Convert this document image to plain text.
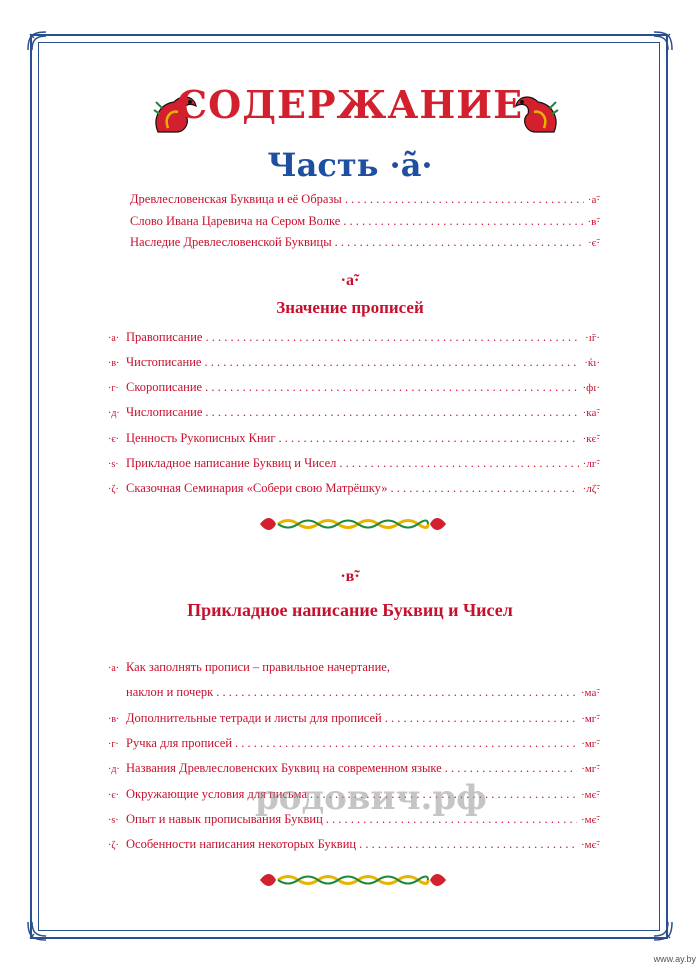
СОДЕРЖАНИЕ
Часть ·а̃·
Древлесловенская Буквица и её Образы . . .	·а̃·
Слово Ивана Царевича на Сером Волке . . .	·в̃·
Наследие Древлесловенской Буквицы . . .	·є̃·
·а̃·
Значение прописей
·а· Правописание . . .	·ı̃г·
·в· Чистописание . . .	·ќı·
·г· Скорописание . . .	·фı·
·д· Числописание . . .	·ка̃·
·є· Ценность Рукописных Книг . . .	·кє̃·
·ѕ· Прикладное написание Буквиц и Чисел . . .	·лг̃·
·ζ· Сказочная Семинария «Собери свою Матрёшку» . . .	·лζ̃·
·в̃·
Прикладное написание Буквиц и Чисел
·а· Как заполнять прописи – правильное начертание,
наклон и почерк . . .	·ма̃·
·в· Дополнительные тетради и листы для прописей . . .	·мг̃·
·г· Ручка для прописей . . .	·мг̃·
·д· Названия Древлесловенских Буквиц на современном языке . . .	·мг̃·
·є· Окружающие условия для письма . . .	·мє̃·
·ѕ· Опыт и навык прописывания Буквиц . . .	·мє̃·
·ζ· Особенности написания некоторых Буквиц . . .	·мє̃·
родович.рф
www.ay.by
